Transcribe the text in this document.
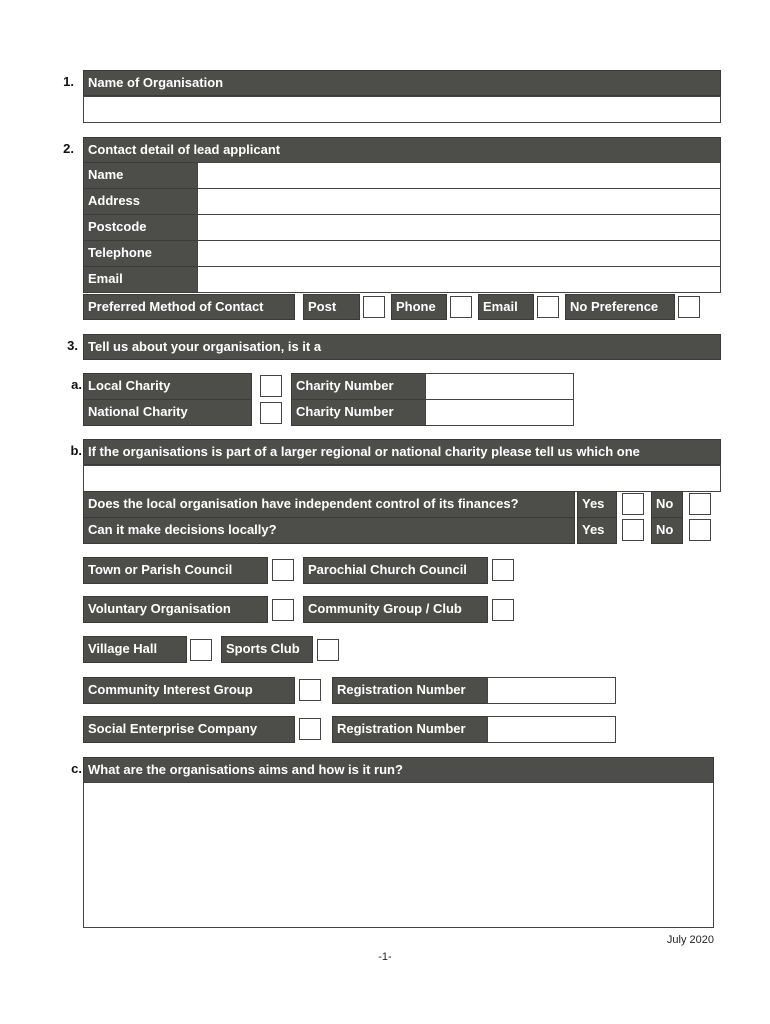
1.	Name of Organisation
2.	Contact detail of lead applicant
Name
Address
Postcode
Telephone
Email
Preferred Method of Contact	Post	Phone	Email	No Preference
3. Tell us about your organisation, is it a
a. Local Charity	Charity Number
National Charity	Charity Number
b. If the organisations is part of a larger regional or national charity please tell us which one
Does the local organisation have independent control of its finances?	Yes	No
Can it make decisions locally?	Yes	No
Town or Parish Council	Parochial Church Council
Voluntary Organisation	Community Group / Club
Village Hall	Sports Club
Community Interest Group	Registration Number
Social Enterprise Company	Registration Number
c. What are the organisations aims and how is it run?
July 2020
-1-
